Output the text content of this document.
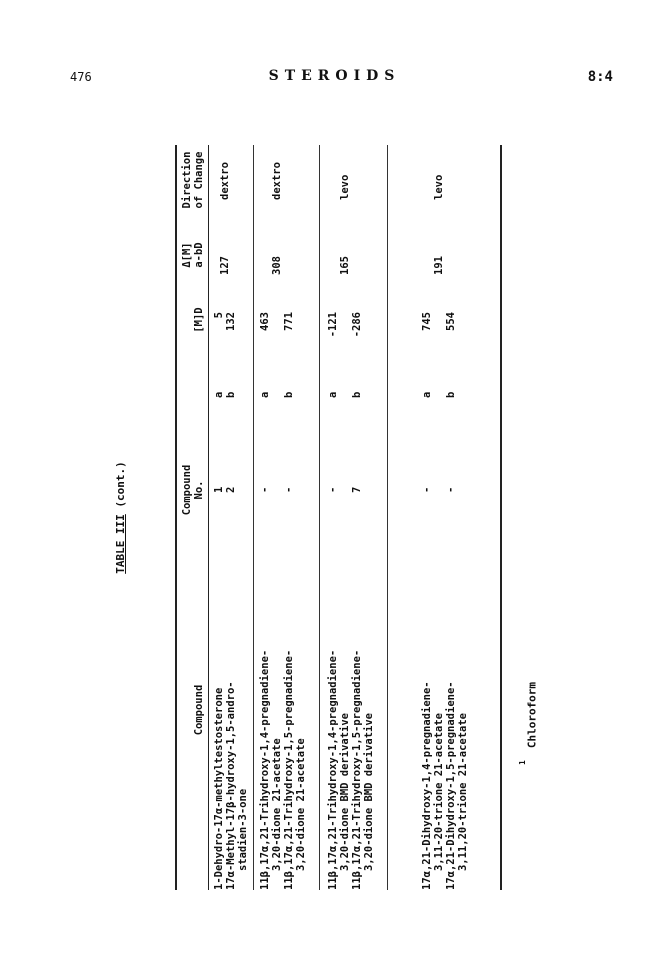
476	STEROIDS	8:4
TABLE III (cont.)
Compound
Compound No.
[M]D
Δ[M] a-bD
Direction of Change
1-Dehydro-17α-methyltestosterone 17α-Methyl-17β-hydroxy-1,5-andro- stadien-3-one
1 2
a b
5 132
127
dextro
11β,17α,21-Trihydroxy-1,4-pregnadiene- 3,20-dione 21-acetate 11β,17α,21-Trihydroxy-1,5-pregnadiene- 3,20-dione 21-acetate
- -
a b
463 771
308
dextro
11β,17α,21-Trihydroxy-1,4-pregnadiene- 3,20-dione BMD derivative 11β,17α,21-Trihydroxy-1,5-pregnadiene- 3,20-dione BMD derivative
- 7
a b
-121 -286
165
levo
17α,21-Dihydroxy-1,4-pregnadiene- 3,11-20-trione 21-acetate 17α,21-Dihydroxy-1,5-pregnadiene- 3,11,20-trione 21-acetate
- -
a b
745 554
191
levo
$^1$Chloroform
